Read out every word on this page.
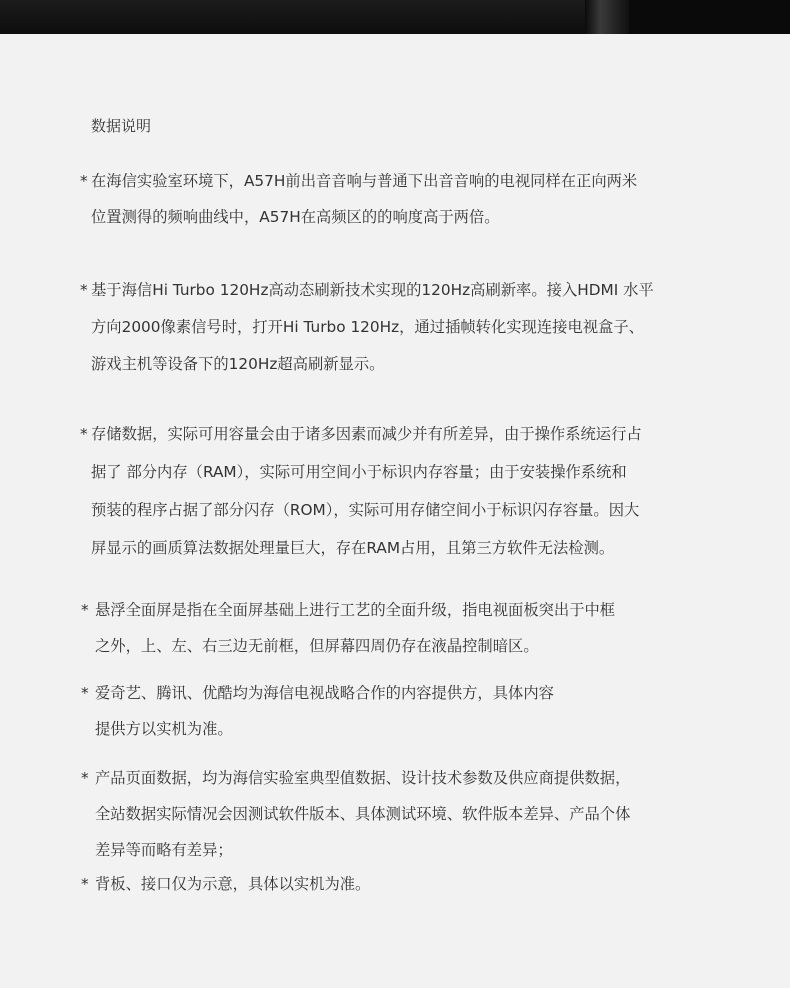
数据说明
* 在海信实验室环境下，A57H前出音音响与普通下出音音响的电视同样在正向两米
位置测得的频响曲线中，A57H在高频区的的响度高于两倍。
* 基于海信Hi Turbo 120Hz高动态刷新技术实现的120Hz高刷新率。接入HDMI 水平
方向2000像素信号时，打开Hi Turbo 120Hz，通过插帧转化实现连接电视盒子、
游戏主机等设备下的120Hz超高刷新显示。
* 存储数据，实际可用容量会由于诸多因素而减少并有所差异，由于操作系统运行占
据了 部分内存（RAM），实际可用空间小于标识内存容量；由于安装操作系统和
预装的程序占据了部分闪存（ROM），实际可用存储空间小于标识闪存容量。因大
屏显示的画质算法数据处理量巨大，存在RAM占用，且第三方软件无法检测。
* 悬浮全面屏是指在全面屏基础上进行工艺的全面升级，指电视面板突出于中框
之外，上、左、右三边无前框，但屏幕四周仍存在液晶控制暗区。
* 爱奇艺、腾讯、优酷均为海信电视战略合作的内容提供方，具体内容
提供方以实机为准。
* 产品页面数据，均为海信实验室典型值数据、设计技术参数及供应商提供数据，
全站数据实际情况会因测试软件版本、具体测试环境、软件版本差异、产品个体
差异等而略有差异；
* 背板、接口仅为示意，具体以实机为准。
